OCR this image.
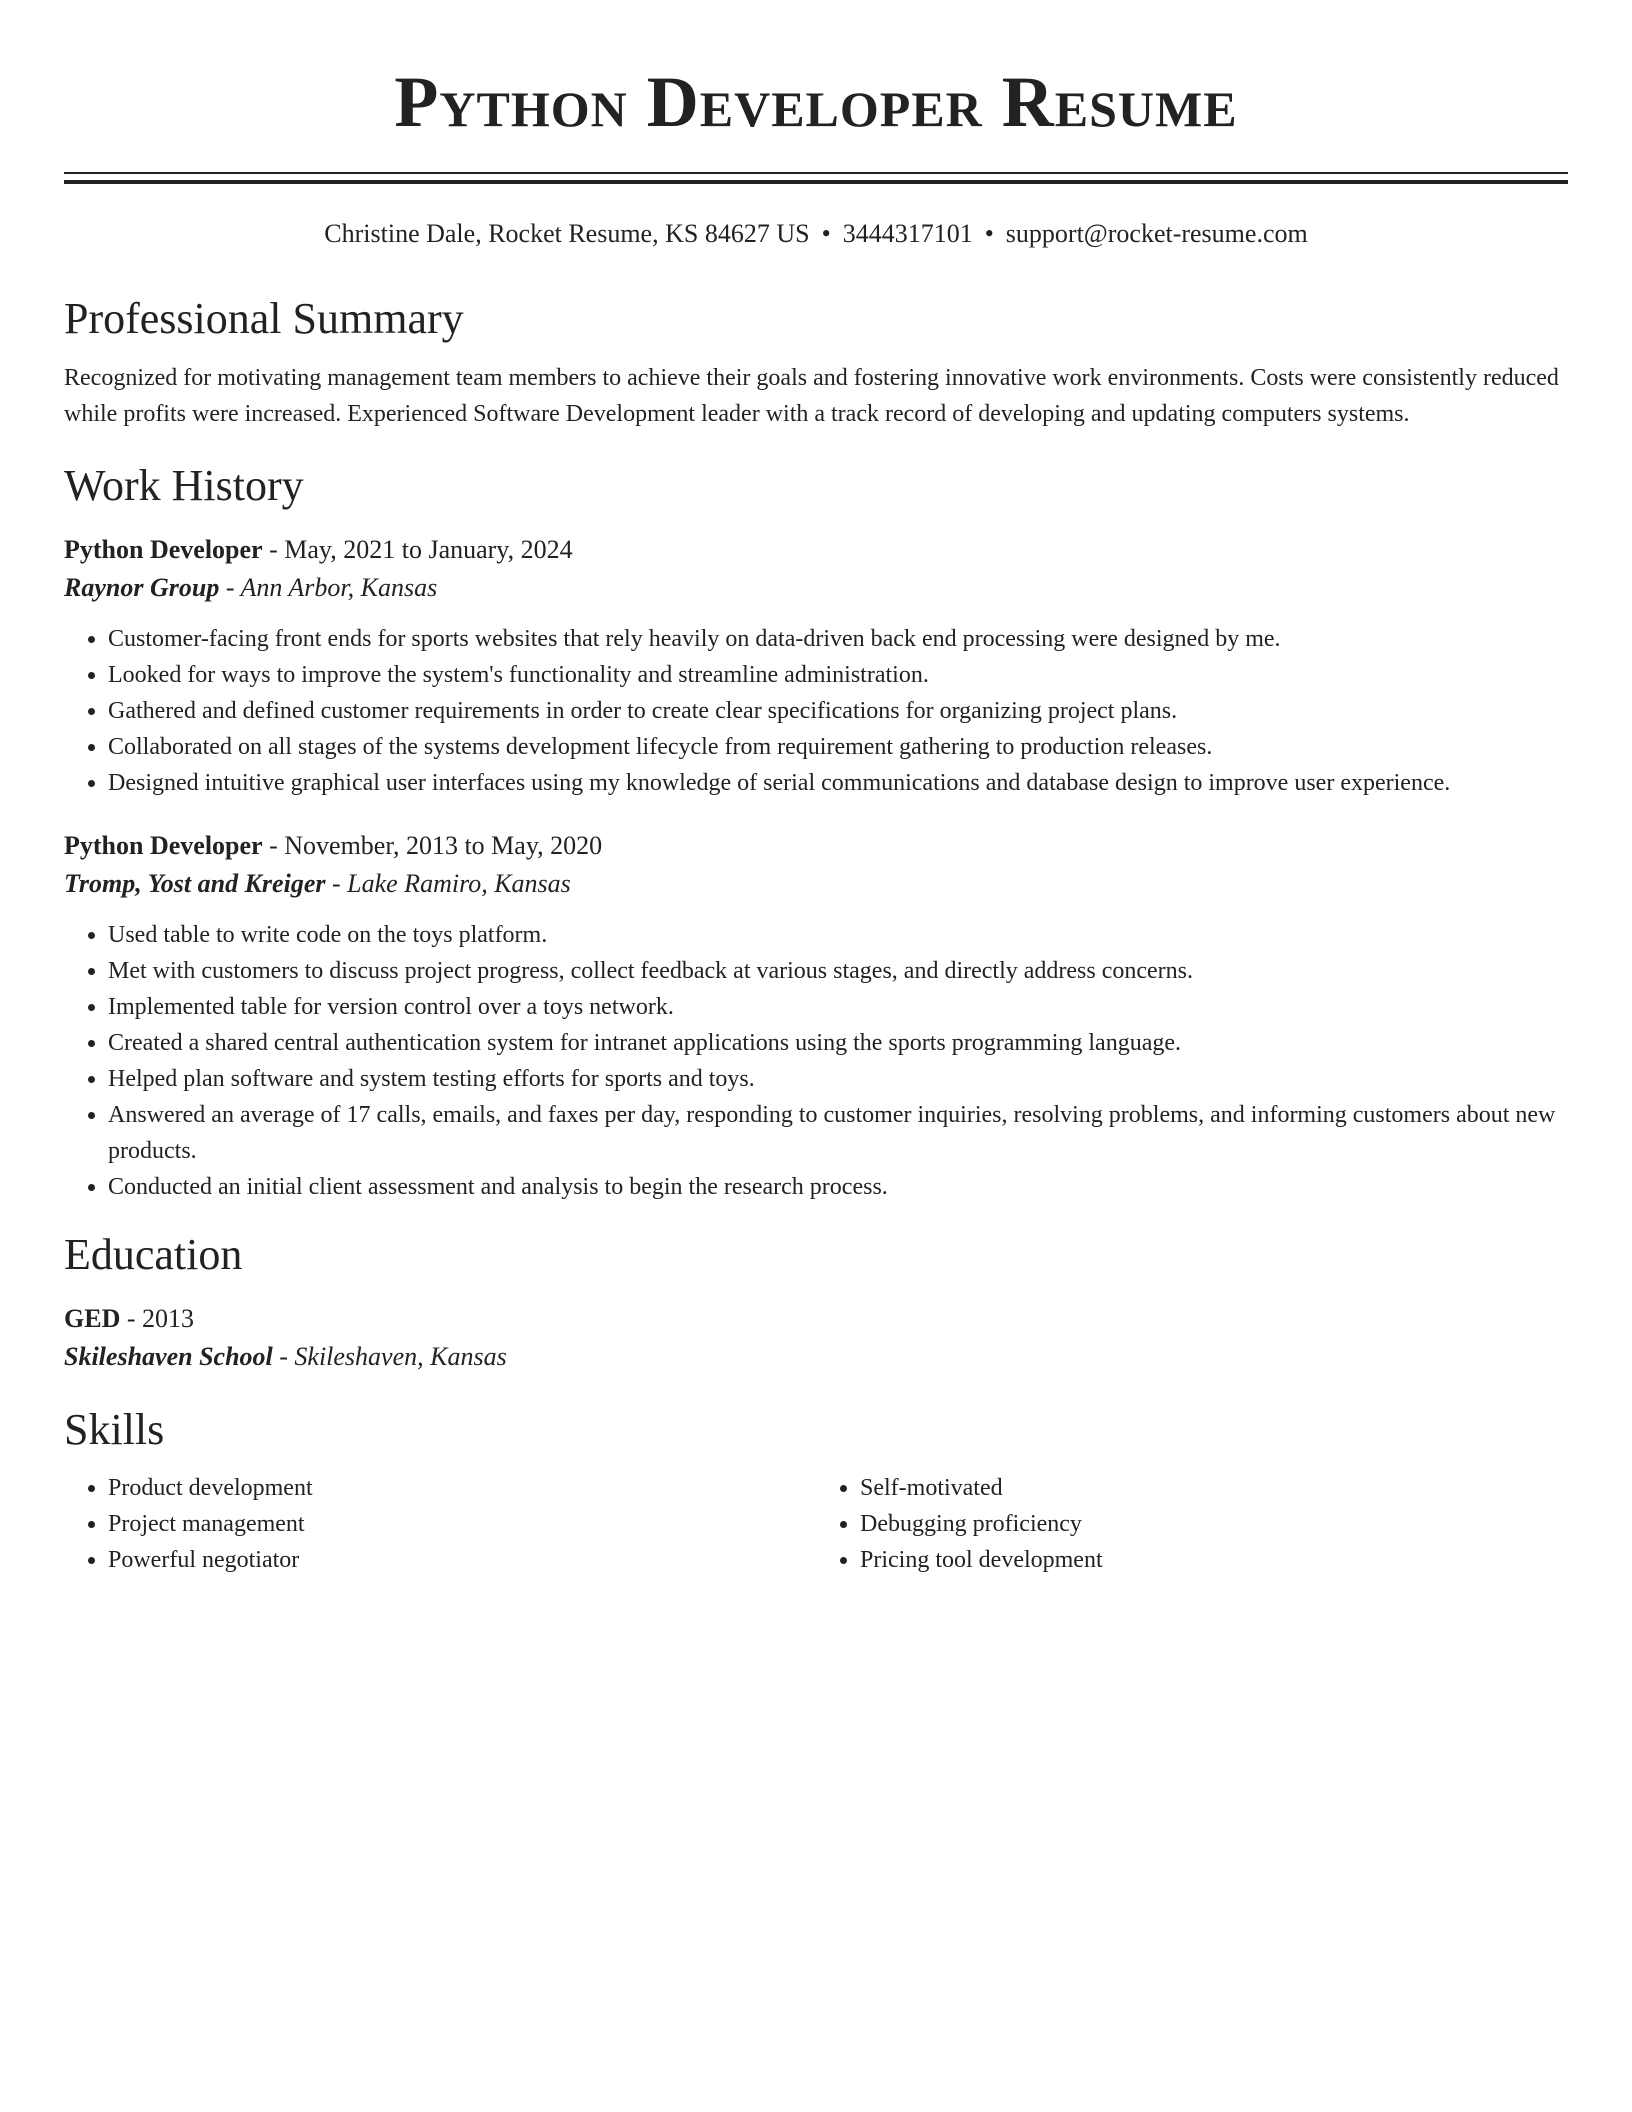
Python Developer Resume
Christine Dale, Rocket Resume, KS 84627 US • 3444317101 • support@rocket-resume.com
Professional Summary
Recognized for motivating management team members to achieve their goals and fostering innovative work environments. Costs were consistently reduced while profits were increased. Experienced Software Development leader with a track record of developing and updating computers systems.
Work History
Python Developer - May, 2021 to January, 2024
Raynor Group - Ann Arbor, Kansas
• Customer-facing front ends for sports websites that rely heavily on data-driven back end processing were designed by me.
• Looked for ways to improve the system's functionality and streamline administration.
• Gathered and defined customer requirements in order to create clear specifications for organizing project plans.
• Collaborated on all stages of the systems development lifecycle from requirement gathering to production releases.
• Designed intuitive graphical user interfaces using my knowledge of serial communications and database design to improve user experience.
Python Developer - November, 2013 to May, 2020
Tromp, Yost and Kreiger - Lake Ramiro, Kansas
• Used table to write code on the toys platform.
• Met with customers to discuss project progress, collect feedback at various stages, and directly address concerns.
• Implemented table for version control over a toys network.
• Created a shared central authentication system for intranet applications using the sports programming language.
• Helped plan software and system testing efforts for sports and toys.
• Answered an average of 17 calls, emails, and faxes per day, responding to customer inquiries, resolving problems, and informing customers about new products.
• Conducted an initial client assessment and analysis to begin the research process.
Education
GED - 2013
Skileshaven School - Skileshaven, Kansas
Skills
• Product development
• Project management
• Powerful negotiator
• Self-motivated
• Debugging proficiency
• Pricing tool development
